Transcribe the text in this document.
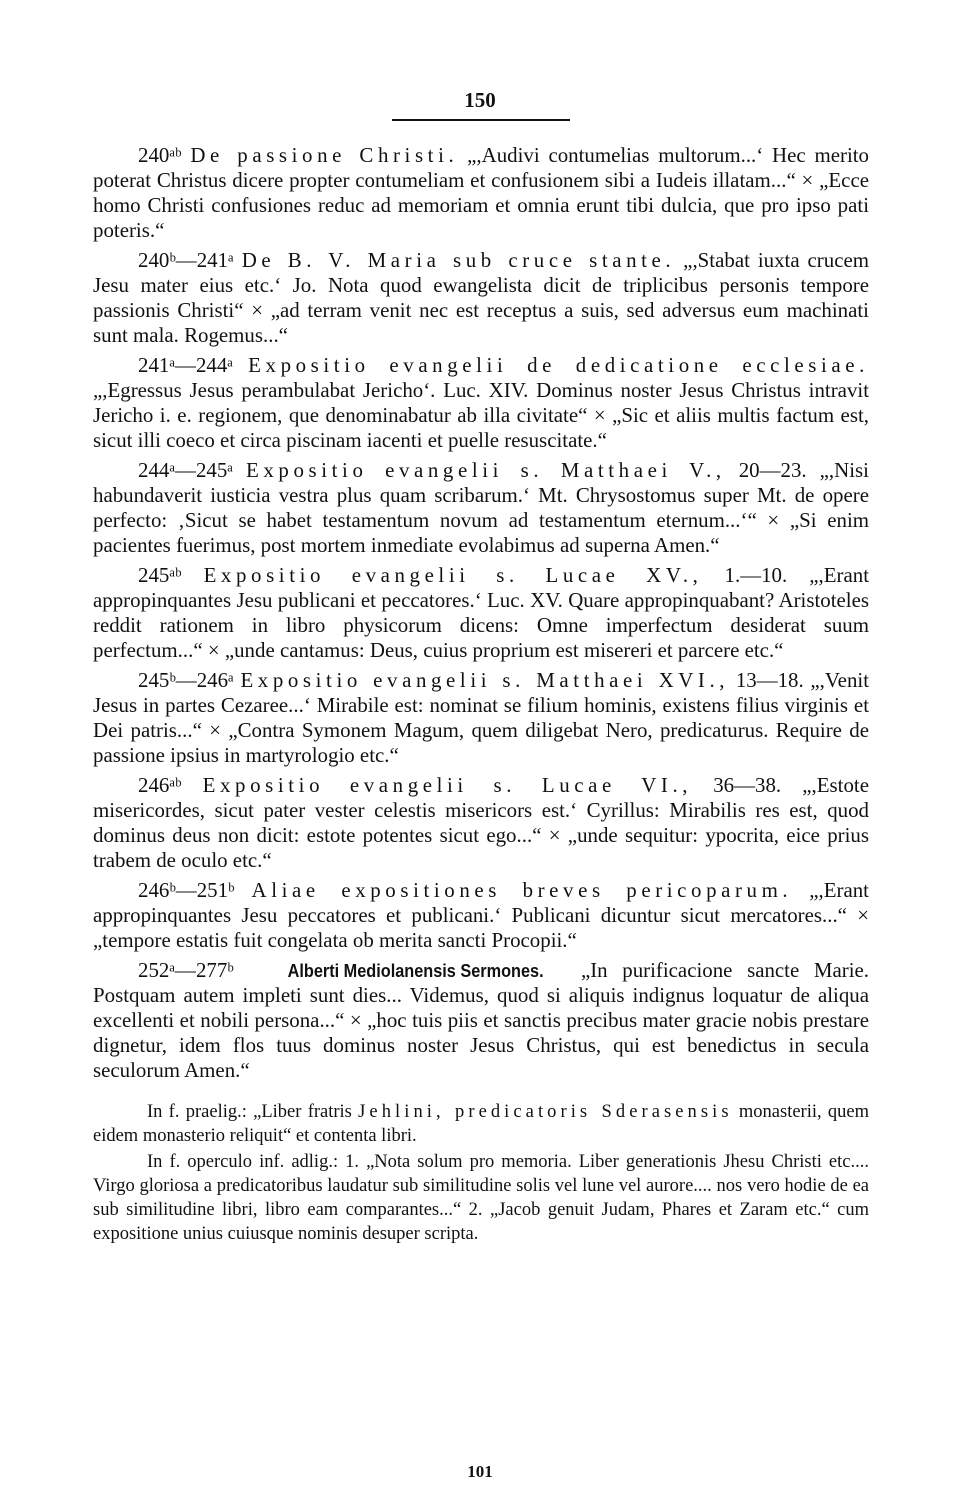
150

240ᵃᵇ De passione Christi. „,Audivi contumelias multorum...‘ Hec merito poterat Christus dicere propter contumeliam et confusionem sibi a Iudeis illatam...“ × „Ecce homo Christi confusiones reduc ad memoriam et omnia erunt tibi dulcia, que pro ipso pati poteris.“

240ᵇ—241ᵃ De B. V. Maria sub cruce stante. „,Stabat iuxta crucem Jesu mater eius etc.‘ Jo. Nota quod ewangelista dicit de triplicibus personis tempore passionis Christi“ × „ad terram venit nec est receptus a suis, sed adversus eum machinati sunt mala. Rogemus...“

241ᵃ—244ᵃ Expositio evangelii de dedicatione ecclesiae. „,Egressus Jesus perambulabat Jericho‘. Luc. XIV. Dominus noster Jesus Christus intravit Jericho i. e. regionem, que denominabatur ab illa civitate“ × „Sic et aliis multis factum est, sicut illi coeco et circa piscinam iacenti et puelle resuscitate.“

244ᵃ—245ᵃ Expositio evangelii s. Matthaei V., 20—23. „,Nisi habundaverit iusticia vestra plus quam scribarum.‘ Mt. Chrysostomus super Mt. de opere perfecto: ‚Sicut se habet testamentum novum ad testamentum eternum...‘“ × „Si enim pacientes fuerimus, post mortem inmediate evolabimus ad superna Amen.“

245ᵃᵇ Expositio evangelii s. Lucae XV., 1.—10. „,Erant appropinquantes Jesu publicani et peccatores.‘ Luc. XV. Quare appropinquabant? Aristoteles reddit rationem in libro physicorum dicens: Omne imperfectum desiderat suum perfectum...“ × „unde cantamus: Deus, cuius proprium est misereri et parcere etc.“

245ᵇ—246ᵃ Expositio evangelii s. Matthaei XVI., 13—18. „,Venit Jesus in partes Cezaree...‘ Mirabile est: nominat se filium hominis, existens filius virginis et Dei patris...“ × „Contra Symonem Magum, quem diligebat Nero, predicaturus. Require de passione ipsius in martyrologio etc.“

246ᵃᵇ Expositio evangelii s. Lucae VI., 36—38. „,Estote misericordes, sicut pater vester celestis misericors est.‘ Cyrillus: Mirabilis res est, quod dominus deus non dicit: estote potentes sicut ego...“ × „unde sequitur: ypocrita, eice prius trabem de oculo etc.“

246ᵇ—251ᵇ Aliae expositiones breves pericoparum. „,Erant appropinquantes Jesu peccatores et publicani.‘ Publicani dicuntur sicut mercatores...“ × „tempore estatis fuit congelata ob merita sancti Procopii.“

252ᵃ—277ᵇ	Alberti Mediolanensis Sermones. „In purificacione sancte Marie. Postquam autem impleti sunt dies... Videmus, quod si aliquis indignus loquatur de aliqua excellenti et nobili persona...“ × „hoc tuis piis et sanctis precibus mater gracie nobis prestare dignetur, idem flos tuus dominus noster Jesus Christus, qui est benedictus in secula seculorum Amen.“

In f. praelig.: „Liber fratris Jehlini, predicatoris Sderasensis monasterii, quem eidem monasterio reliquit“ et contenta libri.

In f. operculo inf. adlig.: 1. „Nota solum pro memoria. Liber generationis Jhesu Christi etc.... Virgo gloriosa a predicatoribus laudatur sub similitudine solis vel lune vel aurore.... nos vero hodie de ea sub similitudine libri, libro eam comparantes...“ 2. „Jacob genuit Judam, Phares et Zaram etc.“ cum expositione unius cuiusque nominis desuper scripta.

101
